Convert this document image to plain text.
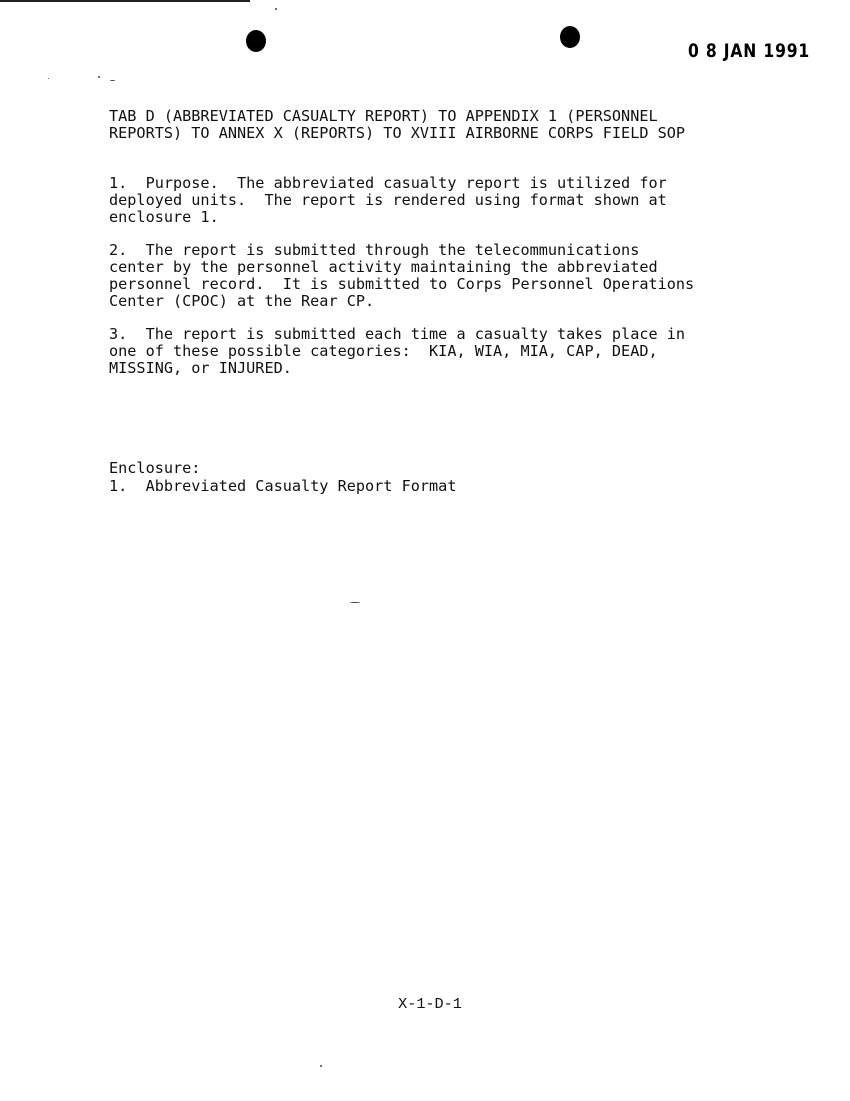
0 8 JAN 1991
TAB D (ABBREVIATED CASUALTY REPORT) TO APPENDIX 1 (PERSONNEL
REPORTS) TO ANNEX X (REPORTS) TO XVIII AIRBORNE CORPS FIELD SOP
1.  Purpose.  The abbreviated casualty report is utilized for
deployed units.  The report is rendered using format shown at
enclosure 1.
2.  The report is submitted through the telecommunications
center by the personnel activity maintaining the abbreviated
personnel record.  It is submitted to Corps Personnel Operations
Center (CPOC) at the Rear CP.
3.  The report is submitted each time a casualty takes place in
one of these possible categories:  KIA, WIA, MIA, CAP, DEAD,
MISSING, or INJURED.
Enclosure:
1.  Abbreviated Casualty Report Format
X-1-D-1
